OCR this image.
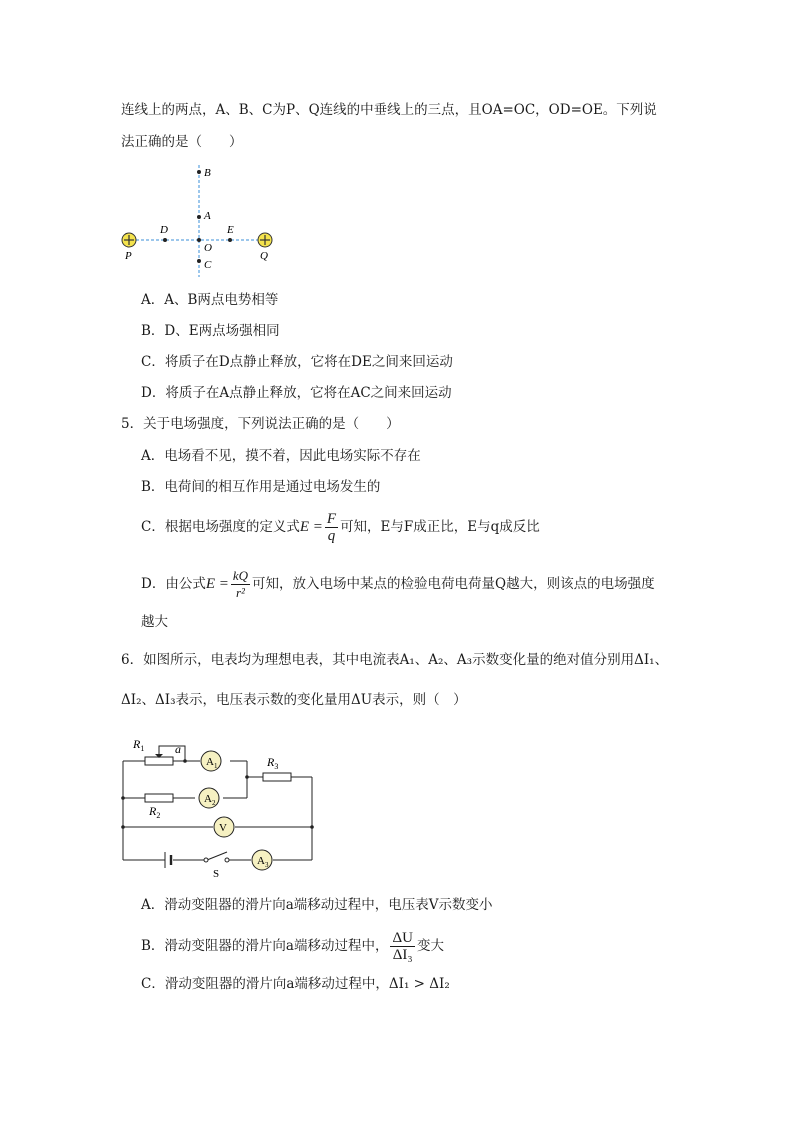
连线上的两点，A、B、C为P、Q连线的中垂线上的三点，且OA=OC，OD=OE。下列说
法正确的是（　　）
B
A
D	E
O
C
P	Q
A．A、B两点电势相等
B．D、E两点场强相同
C．将质子在D点静止释放，它将在DE之间来回运动
D．将质子在A点静止释放，它将在AC之间来回运动
5．关于电场强度，下列说法正确的是（　　）
A．电场看不见，摸不着，因此电场实际不存在
B．电荷间的相互作用是通过电场发生的
C．根据电场强度的定义式$E = \frac{F}{q}$ 可知，E与F成正比，E与q成反比
D．由公式$E = \frac{kQ}{\text{r²}}$ 可知，放入电场中某点的检验电荷电荷量Q越大，则该点的电场强度
越大
6．如图所示，电表均为理想电表，其中电流表A₁、A₂、A₃示数变化量的绝对值分别用ΔI₁、
ΔI₂、ΔI₃表示，电压表示数的变化量用ΔU表示，则（　）
A 1
A 2
V
A 3
$R_1$	a
$R_2$
$R_3$
S
A．滑动变阻器的滑片向a端移动过程中，电压表V示数变小
B．滑动变阻器的滑片向a端移动过程中， $\frac{\Delta U}{\text{ΔI₃}}$ 变大
C．滑动变阻器的滑片向a端移动过程中，ΔI₁ > ΔI₂
